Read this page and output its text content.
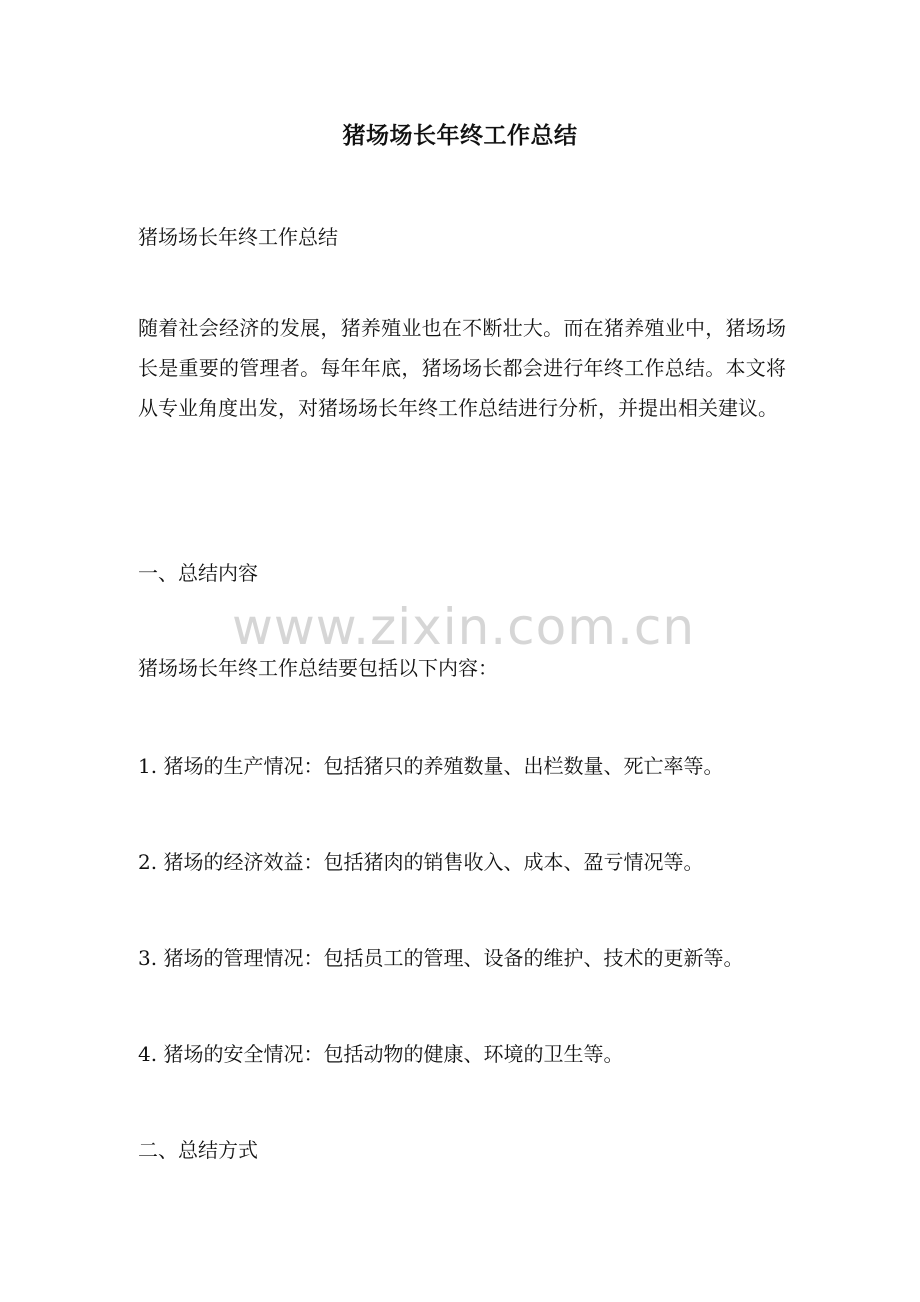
猪场场长年终工作总结
猪场场长年终工作总结
随着社会经济的发展，猪养殖业也在不断壮大。而在猪养殖业中，猪场场长是重要的管理者。每年年底，猪场场长都会进行年终工作总结。本文将从专业角度出发，对猪场场长年终工作总结进行分析，并提出相关建议。
一、总结内容
猪场场长年终工作总结要包括以下内容：
1. 猪场的生产情况：包括猪只的养殖数量、出栏数量、死亡率等。
2. 猪场的经济效益：包括猪肉的销售收入、成本、盈亏情况等。
3. 猪场的管理情况：包括员工的管理、设备的维护、技术的更新等。
4. 猪场的安全情况：包括动物的健康、环境的卫生等。
二、总结方式
www.zixin.com.cn
